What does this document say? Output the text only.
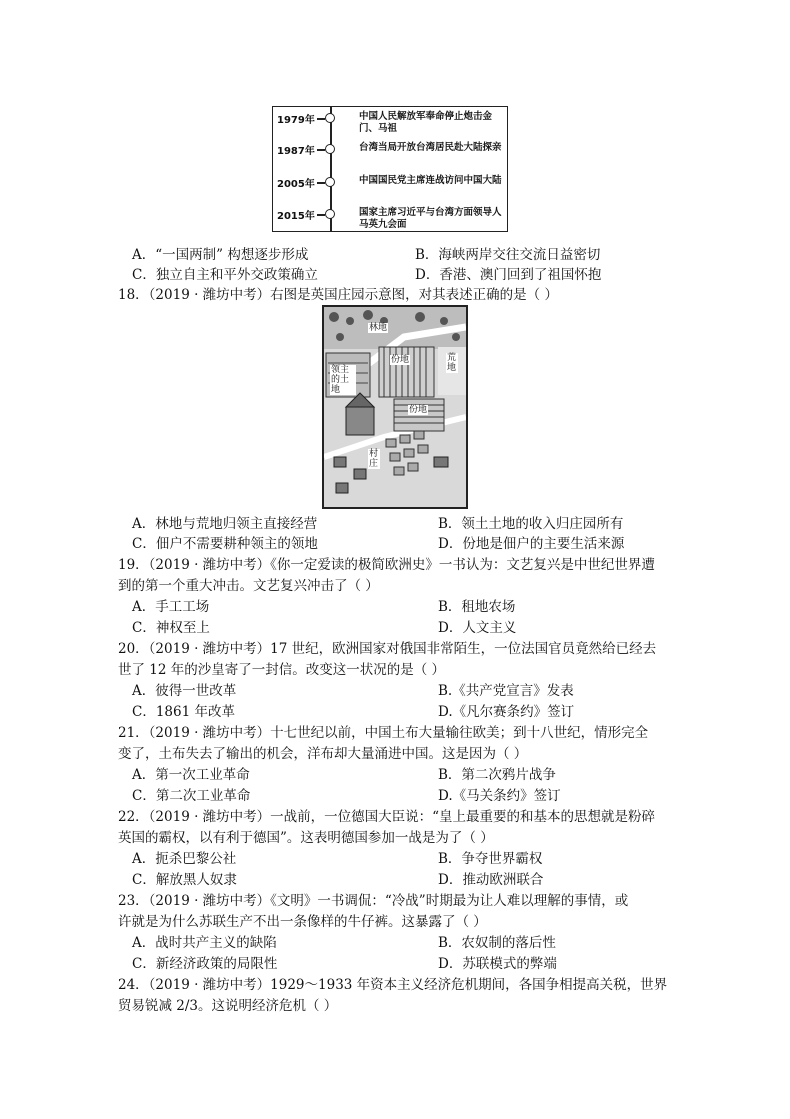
1979年	中国人民解放军奉命停止炮击金门、马祖
1987年	台湾当局开放台湾居民赴大陆探亲
2005年	中国国民党主席连战访问中国大陆
2015年	国家主席习近平与台湾方面领导人马英九会面
A．“一国两制” 构想逐步形成	B．海峡两岸交往交流日益密切
C．独立自主和平外交政策确立	D．香港、澳门回到了祖国怀抱
18．（2019 · 潍坊中考）右图是英国庄园示意图，对其表述正确的是（ ）
林地
荒地
份地
份地
领主的土地
村庄
A．林地与荒地归领主直接经营	B．领土土地的收入归庄园所有
C．佃户不需要耕种领主的领地	D．份地是佃户的主要生活来源
19．（2019 · 潍坊中考）《你一定爱读的极简欧洲史》一书认为：文艺复兴是中世纪世界遭
到的第一个重大冲击。文艺复兴冲击了（ ）
A．手工工场	B．租地农场
C．神权至上	D．人文主义
20．（2019 · 潍坊中考）17 世纪，欧洲国家对俄国非常陌生，一位法国官员竟然给已经去
世了 12 年的沙皇寄了一封信。改变这一状况的是（ ）
A．彼得一世改革	B.《共产党宣言》发表
C．1861 年改革	D.《凡尔赛条约》签订
21．（2019 · 潍坊中考）十七世纪以前，中国土布大量输往欧美；到十八世纪，情形完全
变了，土布失去了输出的机会，洋布却大量涌进中国。这是因为（ ）
A．第一次工业革命	B．第二次鸦片战争
C．第二次工业革命	D.《马关条约》签订
22．（2019 · 潍坊中考）一战前，一位德国大臣说：“皇上最重要的和基本的思想就是粉碎
英国的霸权，以有利于德国”。这表明德国参加一战是为了（ ）
A．扼杀巴黎公社	B．争夺世界霸权
C．解放黑人奴隶	D．推动欧洲联合
23．（2019 · 潍坊中考）《文明》一书调侃：“冷战”时期最为让人难以理解的事情，或
许就是为什么苏联生产不出一条像样的牛仔裤。这暴露了（ ）
A．战时共产主义的缺陷	B．农奴制的落后性
C．新经济政策的局限性	D．苏联模式的弊端
24．（2019 · 潍坊中考）1929～1933 年资本主义经济危机期间，各国争相提高关税，世界
贸易锐减 2/3。这说明经济危机（ ）
